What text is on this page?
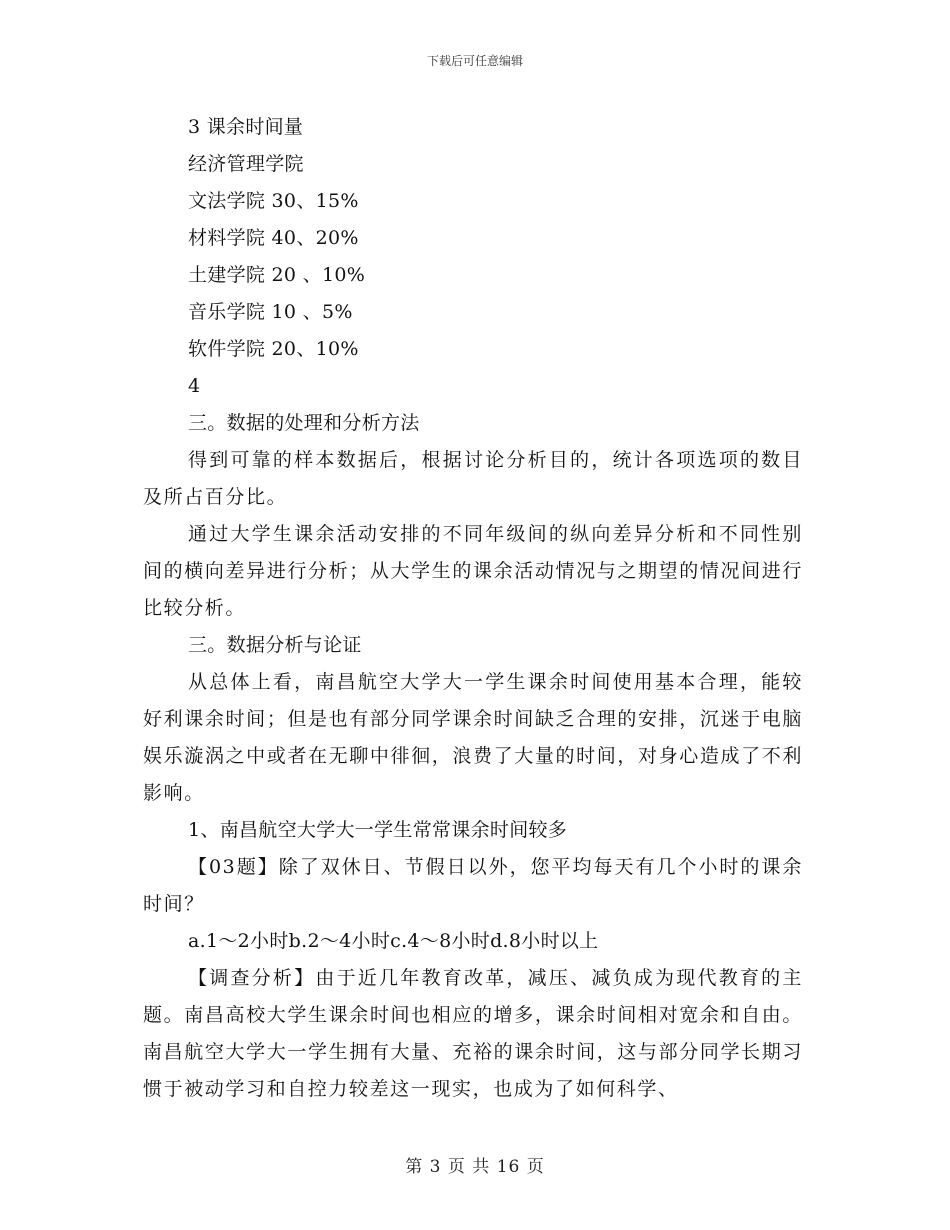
下载后可任意编辑
3 课余时间量
经济管理学院
文法学院 30、15%
材料学院 40、20%
土建学院 20 、10%
音乐学院 10 、5%
软件学院 20、10%
4
三。数据的处理和分析方法

得到可靠的样本数据后，根据讨论分析目的，统计各项选项的数目及所占百分比。

通过大学生课余活动安排的不同年级间的纵向差异分析和不同性别间的横向差异进行分析；从大学生的课余活动情况与之期望的情况间进行比较分析。

三。数据分析与论证

从总体上看，南昌航空大学大一学生课余时间使用基本合理，能较好利课余时间；但是也有部分同学课余时间缺乏合理的安排，沉迷于电脑娱乐漩涡之中或者在无聊中徘徊，浪费了大量的时间，对身心造成了不利影响。

1、南昌航空大学大一学生常常课余时间较多

【03题】除了双休日、节假日以外，您平均每天有几个小时的课余时间？

a.1～2小时b.2～4小时c.4～8小时d.8小时以上

【调查分析】由于近几年教育改革，减压、减负成为现代教育的主题。南昌高校大学生课余时间也相应的增多，课余时间相对宽余和自由。南昌航空大学大一学生拥有大量、充裕的课余时间，这与部分同学长期习惯于被动学习和自控力较差这一现实，也成为了如何科学、

第 3 页 共 16 页
